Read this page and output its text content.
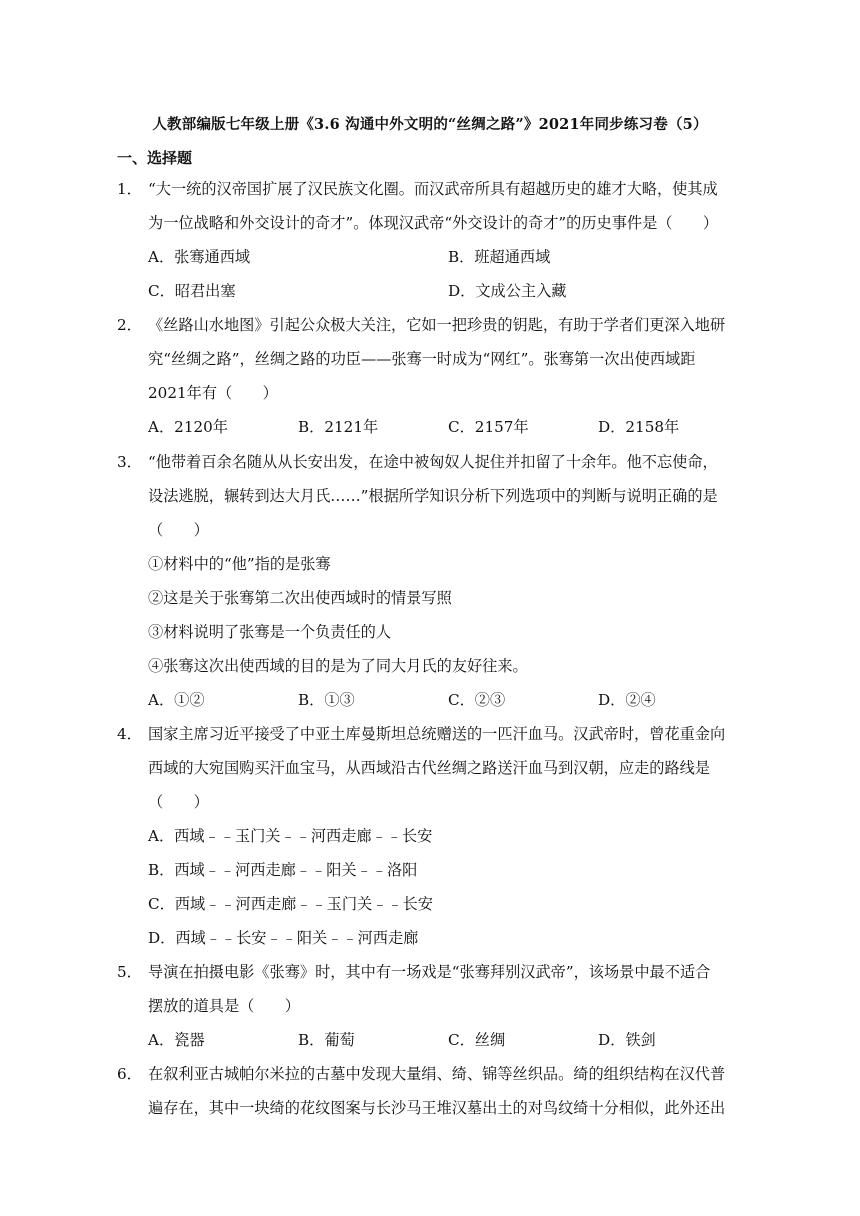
人教部编版七年级上册《3.6 沟通中外文明的“丝绸之路”》2021年同步练习卷（5）
一、选择题
1． “大一统的汉帝国扩展了汉民族文化圈。而汉武帝所具有超越历史的雄才大略，使其成
为一位战略和外交设计的奇才”。体现汉武帝“外交设计的奇才”的历史事件是（　　）
A．张骞通西域	B．班超通西域
C．昭君出塞	D．文成公主入藏
2． 《丝路山水地图》引起公众极大关注，它如一把珍贵的钥匙，有助于学者们更深入地研
究“丝绸之路”，丝绸之路的功臣——张骞一时成为“网红”。张骞第一次出使西域距
2021年有（　　）
A．2120年	B．2121年	C．2157年	D．2158年
3． “他带着百余名随从从长安出发，在途中被匈奴人捉住并扣留了十余年。他不忘使命，
设法逃脱，辗转到达大月氏……”根据所学知识分析下列选项中的判断与说明正确的是
（　　）
①材料中的“他”指的是张骞
②这是关于张骞第二次出使西域时的情景写照
③材料说明了张骞是一个负责任的人
④张骞这次出使西域的目的是为了同大月氏的友好往来。
A．①②	B．①③	C．②③	D．②④
4． 国家主席习近平接受了中亚土库曼斯坦总统赠送的一匹汗血马。汉武帝时，曾花重金向
西域的大宛国购买汗血宝马，从西域沿古代丝绸之路送汗血马到汉朝，应走的路线是
（　　）
A．西域﹣﹣玉门关﹣﹣河西走廊﹣﹣长安
B．西域﹣﹣河西走廊﹣﹣阳关﹣﹣洛阳
C．西域﹣﹣河西走廊﹣﹣玉门关﹣﹣长安
D．西域﹣﹣长安﹣﹣阳关﹣﹣河西走廊
5． 导演在拍摄电影《张骞》时，其中有一场戏是“张骞拜别汉武帝”，该场景中最不适合
摆放的道具是（　　）
A．瓷器	B．葡萄	C．丝绸	D．铁剑
6． 在叙利亚古城帕尔米拉的古墓中发现大量绢、绮、锦等丝织品。绮的组织结构在汉代普
遍存在，其中一块绮的花纹图案与长沙马王堆汉墓出土的对鸟纹绮十分相似，此外还出
